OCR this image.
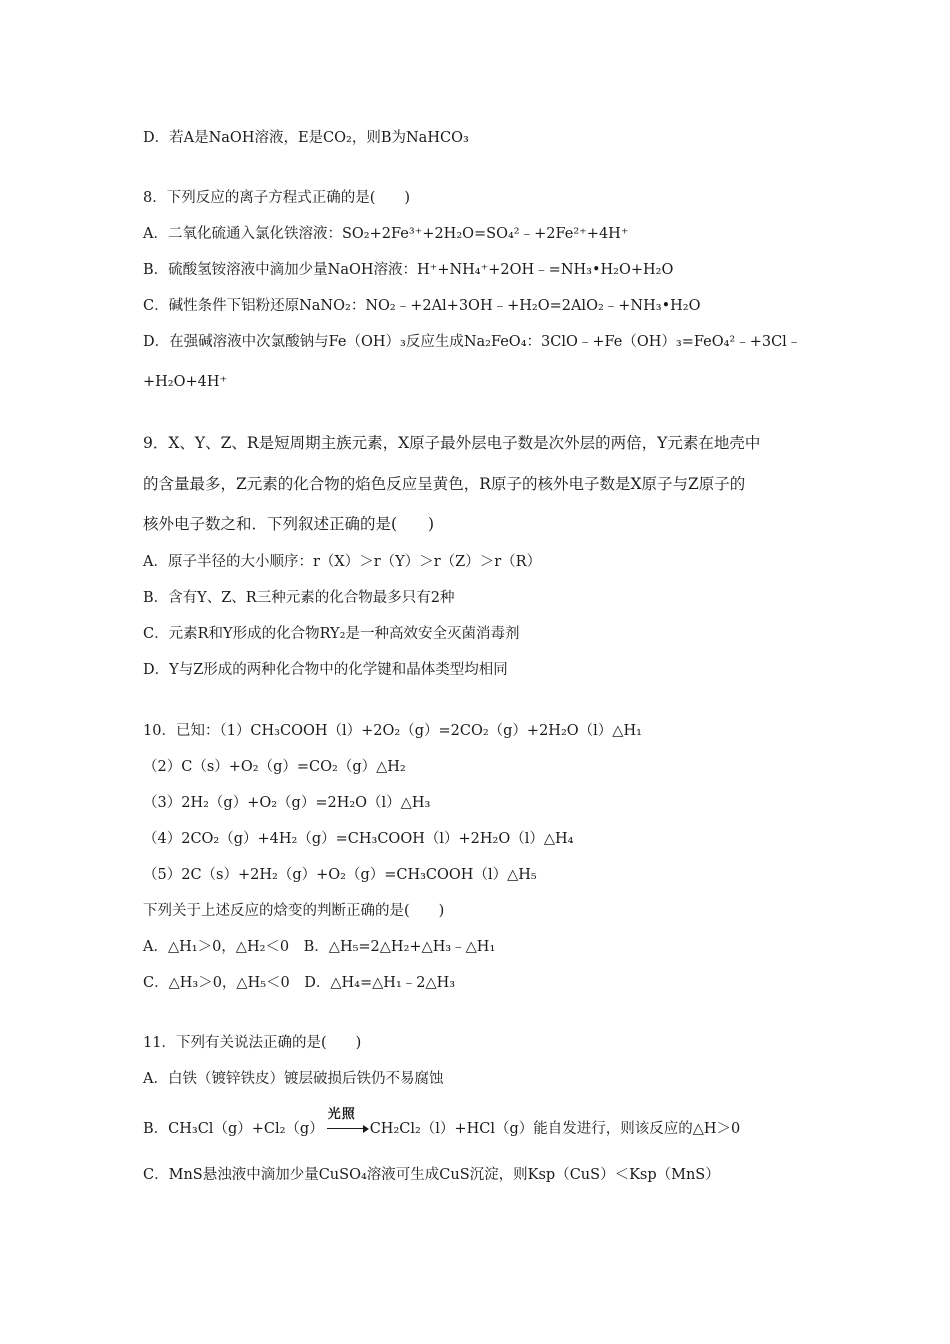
D．若A是NaOH溶液，E是CO₂，则B为NaHCO₃
8．下列反应的离子方程式正确的是(　　)
A．二氧化硫通入氯化铁溶液：SO₂+2Fe³⁺+2H₂O=SO₄²﹣+2Fe²⁺+4H⁺
B．硫酸氢铵溶液中滴加少量NaOH溶液：H⁺+NH₄⁺+2OH﹣=NH₃•H₂O+H₂O
C．碱性条件下铝粉还原NaNO₂：NO₂﹣+2Al+3OH﹣+H₂O=2AlO₂﹣+NH₃•H₂O
D．在强碱溶液中次氯酸钠与Fe（OH）₃反应生成Na₂FeO₄：3ClO﹣+Fe（OH）₃=FeO₄²﹣+3Cl﹣
+H₂O+4H⁺
9．X、Y、Z、R是短周期主族元素，X原子最外层电子数是次外层的两倍，Y元素在地壳中
的含量最多，Z元素的化合物的焰色反应呈黄色，R原子的核外电子数是X原子与Z原子的
核外电子数之和．下列叙述正确的是(　　)
A．原子半径的大小顺序：r（X）＞r（Y）＞r（Z）＞r（R）
B．含有Y、Z、R三种元素的化合物最多只有2种
C．元素R和Y形成的化合物RY₂是一种高效安全灭菌消毒剂
D．Y与Z形成的两种化合物中的化学键和晶体类型均相同
10．已知：（1）CH₃COOH（l）+2O₂（g）=2CO₂（g）+2H₂O（l）△H₁
（2）C（s）+O₂（g）=CO₂（g）△H₂
（3）2H₂（g）+O₂（g）=2H₂O（l）△H₃
（4）2CO₂（g）+4H₂（g）=CH₃COOH（l）+2H₂O（l）△H₄
（5）2C（s）+2H₂（g）+O₂（g）=CH₃COOH（l）△H₅
下列关于上述反应的焓变的判断正确的是(　　)
A．△H₁＞0，△H₂＜0　B．△H₅=2△H₂+△H₃﹣△H₁
C．△H₃＞0，△H₅＜0　D．△H₄=△H₁﹣2△H₃
11．下列有关说法正确的是(　　)
A．白铁（镀锌铁皮）镀层破损后铁仍不易腐蚀
B．CH₃Cl（g）+Cl₂（g）
光照
CH₂Cl₂（l）+HCl（g）能自发进行，则该反应的△H＞0
C．MnS悬浊液中滴加少量CuSO₄溶液可生成CuS沉淀，则Ksp（CuS）＜Ksp（MnS）
